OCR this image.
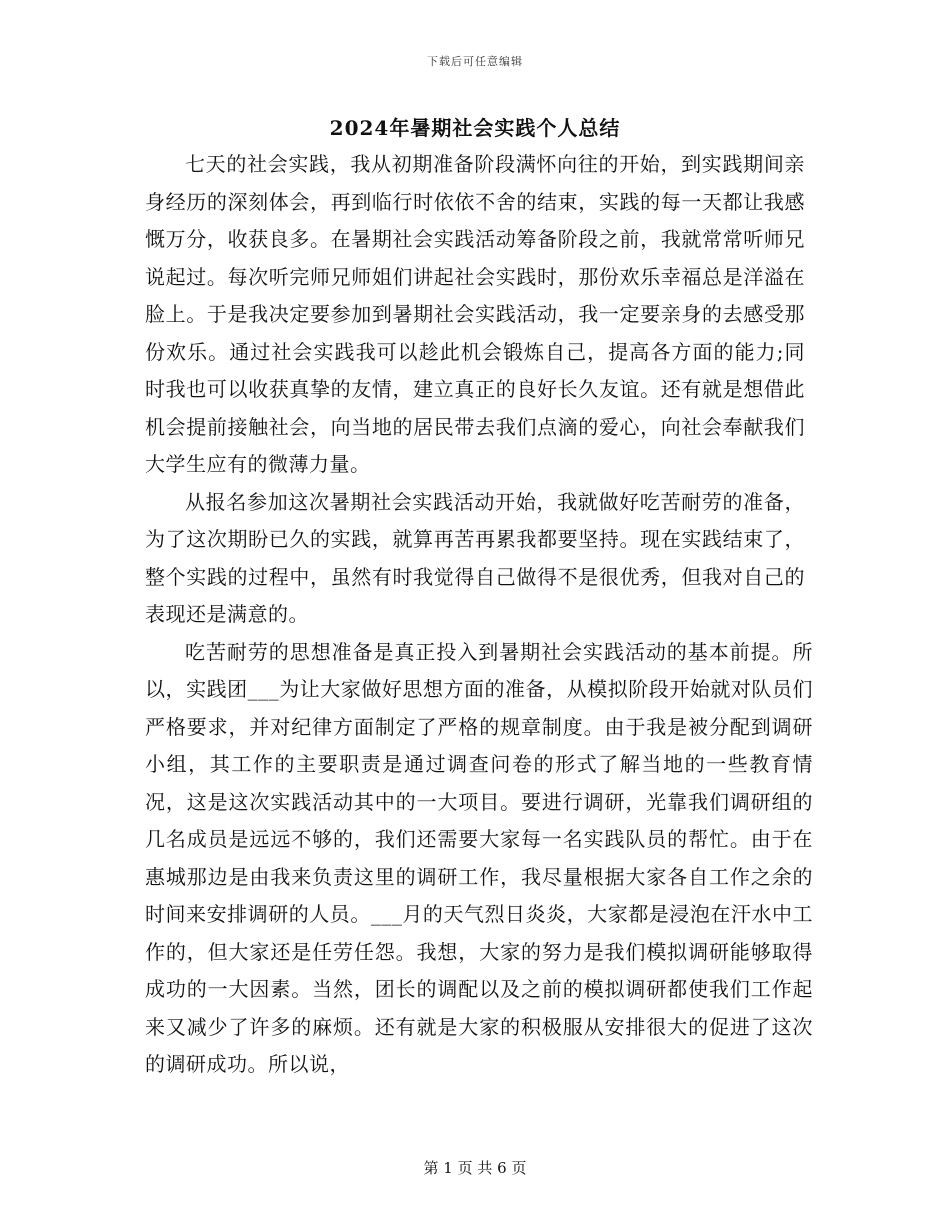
下载后可任意编辑
2024年暑期社会实践个人总结

七天的社会实践，我从初期准备阶段满怀向往的开始，到实践期间亲身经历的深刻体会，再到临行时依依不舍的结束，实践的每一天都让我感慨万分，收获良多。在暑期社会实践活动筹备阶段之前，我就常常听师兄说起过。每次听完师兄师姐们讲起社会实践时，那份欢乐幸福总是洋溢在脸上。于是我决定要参加到暑期社会实践活动，我一定要亲身的去感受那份欢乐。通过社会实践我可以趁此机会锻炼自己，提高各方面的能力;同时我也可以收获真挚的友情，建立真正的良好长久友谊。还有就是想借此机会提前接触社会，向当地的居民带去我们点滴的爱心，向社会奉献我们大学生应有的微薄力量。

从报名参加这次暑期社会实践活动开始，我就做好吃苦耐劳的准备，为了这次期盼已久的实践，就算再苦再累我都要坚持。现在实践结束了，整个实践的过程中，虽然有时我觉得自己做得不是很优秀，但我对自己的表现还是满意的。

吃苦耐劳的思想准备是真正投入到暑期社会实践活动的基本前提。所以，实践团___为让大家做好思想方面的准备，从模拟阶段开始就对队员们严格要求，并对纪律方面制定了严格的规章制度。由于我是被分配到调研小组，其工作的主要职责是通过调查问卷的形式了解当地的一些教育情况，这是这次实践活动其中的一大项目。要进行调研，光靠我们调研组的几名成员是远远不够的，我们还需要大家每一名实践队员的帮忙。由于在惠城那边是由我来负责这里的调研工作，我尽量根据大家各自工作之余的时间来安排调研的人员。___月的天气烈日炎炎，大家都是浸泡在汗水中工作的，但大家还是任劳任怨。我想，大家的努力是我们模拟调研能够取得成功的一大因素。当然，团长的调配以及之前的模拟调研都使我们工作起来又减少了许多的麻烦。还有就是大家的积极服从安排很大的促进了这次的调研成功。所以说，

第 1 页 共 6 页
